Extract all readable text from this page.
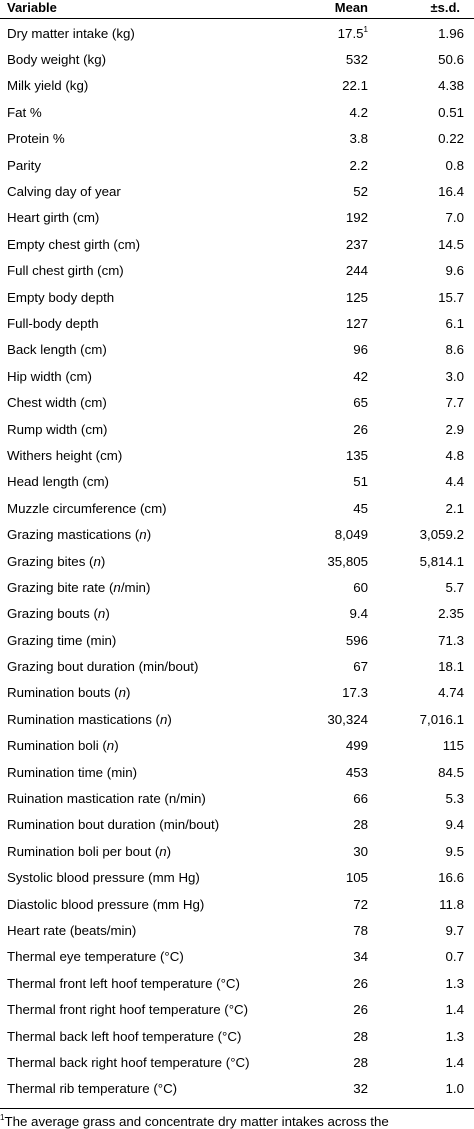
Variable	Mean	±s.d.
Dry matter intake (kg)	17.5$^1$	1.96
Body weight (kg)	532	50.6
Milk yield (kg)	22.1	4.38
Fat %	4.2	0.51
Protein %	3.8	0.22
Parity	2.2	0.8
Calving day of year	52	16.4
Heart girth (cm)	192	7.0
Empty chest girth (cm)	237	14.5
Full chest girth (cm)	244	9.6
Empty body depth	125	15.7
Full-body depth	127	6.1
Back length (cm)	96	8.6
Hip width (cm)	42	3.0
Chest width (cm)	65	7.7
Rump width (cm)	26	2.9
Withers height (cm)	135	4.8
Head length (cm)	51	4.4
Muzzle circumference (cm)	45	2.1
Grazing mastications (n)	8,049	3,059.2
Grazing bites (n)	35,805	5,814.1
Grazing bite rate (n/min)	60	5.7
Grazing bouts (n)	9.4	2.35
Grazing time (min)	596	71.3
Grazing bout duration (min/bout)	67	18.1
Rumination bouts (n)	17.3	4.74
Rumination mastications (n)	30,324	7,016.1
Rumination boli (n)	499	115
Rumination time (min)	453	84.5
Ruination mastication rate (n/min)	66	5.3
Rumination bout duration (min/bout)	28	9.4
Rumination boli per bout (n)	30	9.5
Systolic blood pressure (mm Hg)	105	16.6
Diastolic blood pressure (mm Hg)	72	11.8
Heart rate (beats/min)	78	9.7
Thermal eye temperature (°C)	34	0.7
Thermal front left hoof temperature (°C)	26	1.3
Thermal front right hoof temperature (°C)	26	1.4
Thermal back left hoof temperature (°C)	28	1.3
Thermal back right hoof temperature (°C)	28	1.4
Thermal rib temperature (°C)	32	1.0
$^1$The average grass and concentrate dry matter intakes across the
